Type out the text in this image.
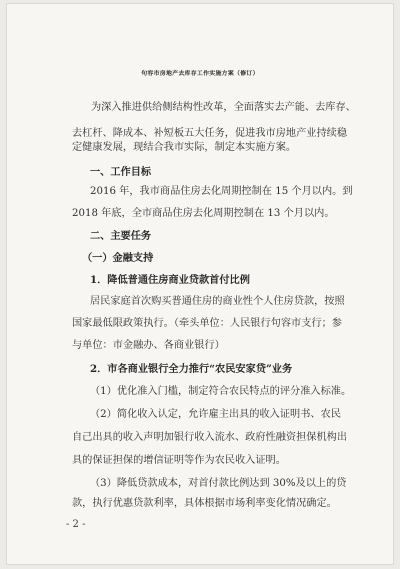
句容市房地产去库存工作实施方案（修订）
为深入推进供给侧结构性改革，全面落实去产能、去库存、
去杠杆、降成本、补短板五大任务，促进我市房地产业持续稳
定健康发展，现结合我市实际，制定本实施方案。
一、工作目标
2016 年，我市商品住房去化周期控制在 15 个月以内。到
2018 年底，全市商品住房去化周期控制在 13 个月以内。
二、主要任务
（一）金融支持
1．降低普通住房商业贷款首付比例
居民家庭首次购买普通住房的商业性个人住房贷款，按照
国家最低限政策执行。（牵头单位：人民银行句容市支行；参
与单位：市金融办、各商业银行）
2．市各商业银行全力推行“农民安家贷”业务
（1）优化准入门槛，制定符合农民特点的评分准入标准。
（2）简化收入认定，允许雇主出具的收入证明书、农民
自己出具的收入声明加银行收入流水、政府性融资担保机构出
具的保证担保的增信证明等作为农民收入证明。
（3）降低贷款成本，对首付款比例达到 30%及以上的贷
款，执行优惠贷款利率，具体根据市场利率变化情况确定。
- 2 -
